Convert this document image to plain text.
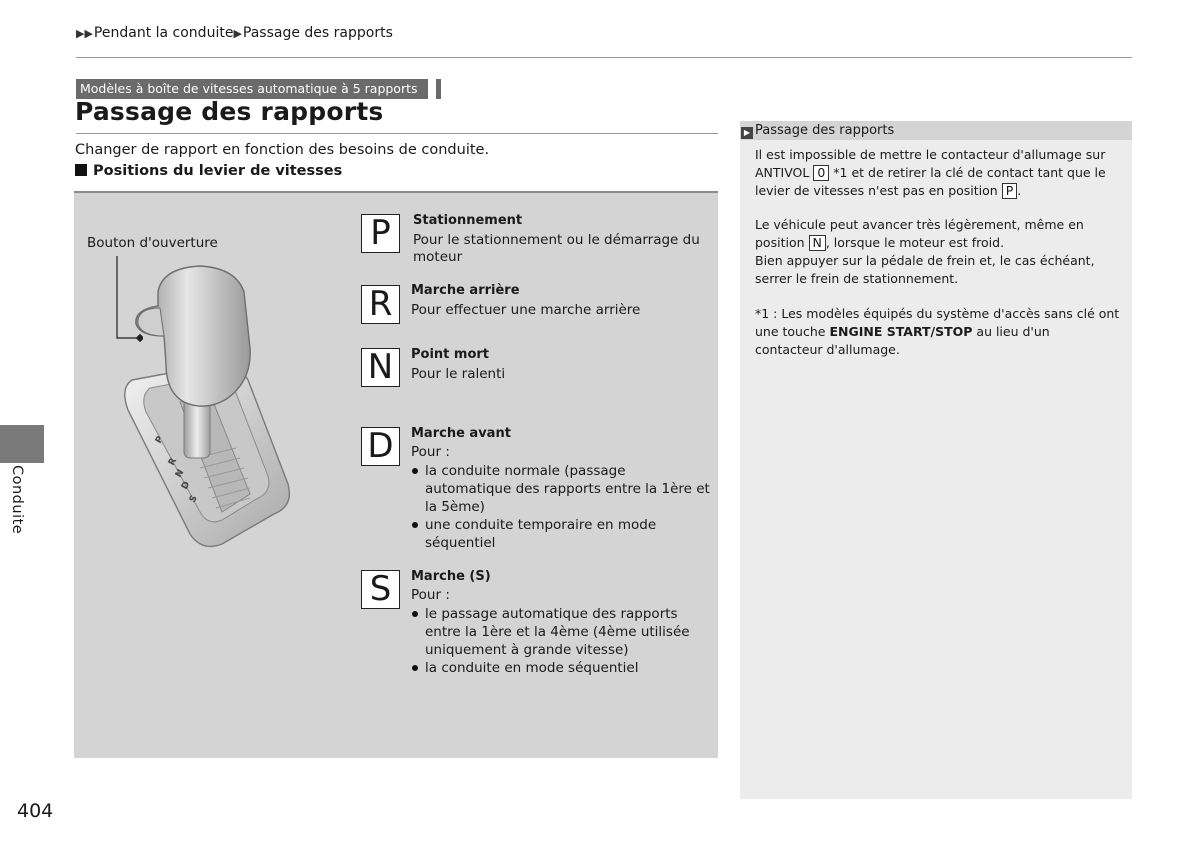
▶▶Pendant la conduite▶Passage des rapports
Modèles à boîte de vitesses automatique à 5 rapports
Passage des rapports
Changer de rapport en fonction des besoins de conduite.
Positions du levier de vitesses
Bouton d'ouverture
P
R
N
D
S
P	Stationnement
Pour le stationnement ou le démarrage du moteur
R	Marche arrière
Pour effectuer une marche arrière
N	Point mort
Pour le ralenti
D	Marche avant
Pour :
la conduite normale (passage automatique des rapports entre la 1ère et la 5ème)
une conduite temporaire en mode séquentiel
S	Marche (S)
Pour :
le passage automatique des rapports entre la 1ère et la 4ème (4ème utilisée uniquement à grande vitesse)
la conduite en mode séquentiel
▶ Passage des rapports
Il est impossible de mettre le contacteur d'allumage sur ANTIVOL 0 *1 et de retirer la clé de contact tant que le levier de vitesses n'est pas en position P .
Le véhicule peut avancer très légèrement, même en position N , lorsque le moteur est froid.
Bien appuyer sur la pédale de frein et, le cas échéant, serrer le frein de stationnement.
*1 : Les modèles équipés du système d'accès sans clé ont une touche ENGINE START/STOP au lieu d'un contacteur d'allumage.
Conduite
404
